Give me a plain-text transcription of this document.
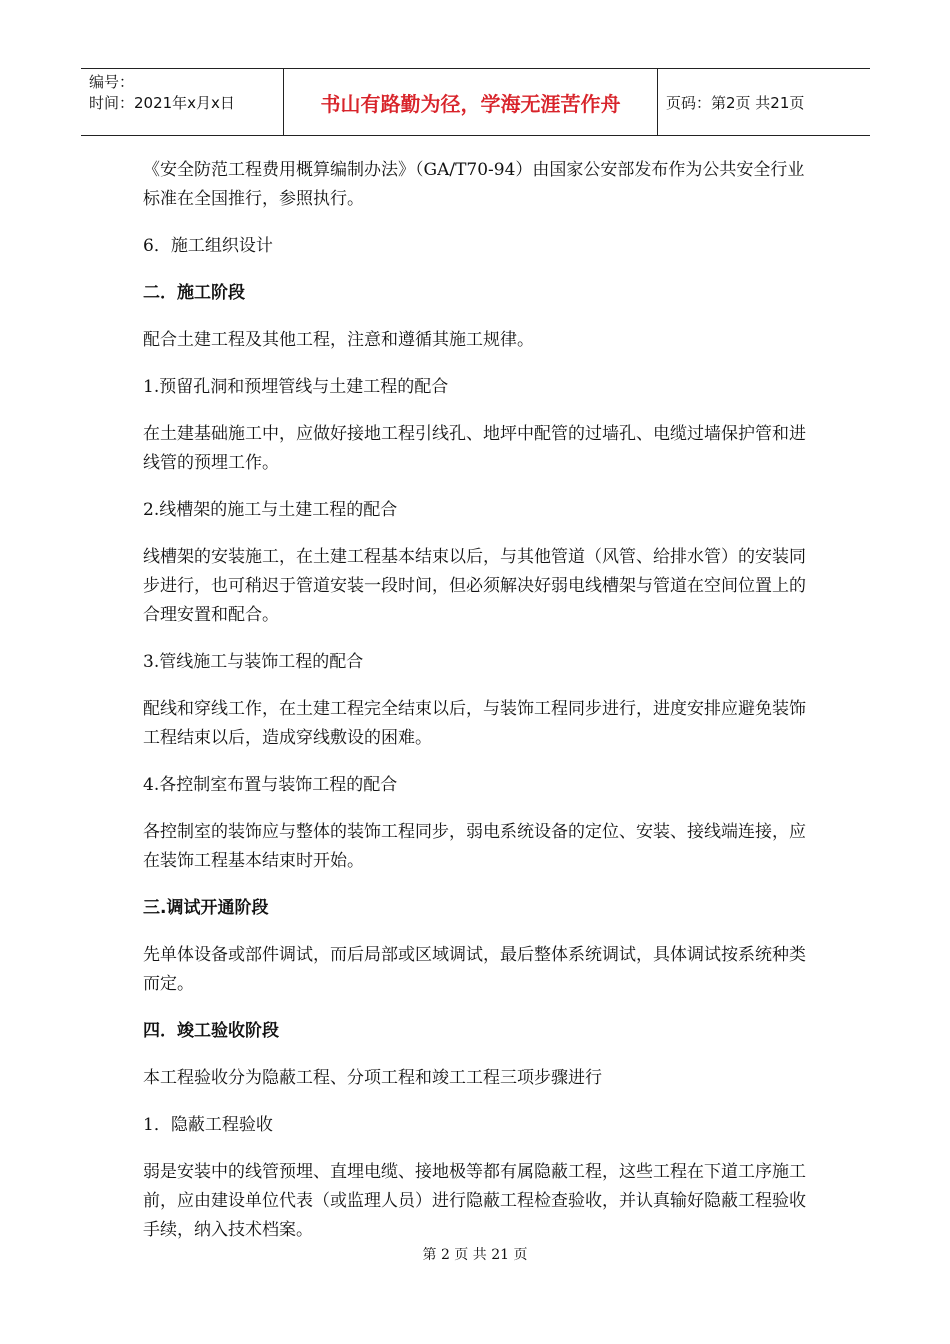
编号：
时间：2021年x月x日	书山有路勤为径，学海无涯苦作舟	页码：第2页 共21页

《安全防范工程费用概算编制办法》（GA/T70-94）由国家公安部发布作为公共安全行业标准在全国推行，参照执行。

6．施工组织设计

二．施工阶段

配合土建工程及其他工程，注意和遵循其施工规律。

1.预留孔洞和预埋管线与土建工程的配合

在土建基础施工中，应做好接地工程引线孔、地坪中配管的过墙孔、电缆过墙保护管和进线管的预埋工作。

2.线槽架的施工与土建工程的配合

线槽架的安装施工，在土建工程基本结束以后，与其他管道（风管、给排水管）的安装同步进行，也可稍迟于管道安装一段时间，但必须解决好弱电线槽架与管道在空间位置上的合理安置和配合。

3.管线施工与装饰工程的配合

配线和穿线工作，在土建工程完全结束以后，与装饰工程同步进行，进度安排应避免装饰工程结束以后，造成穿线敷设的困难。

4.各控制室布置与装饰工程的配合

各控制室的装饰应与整体的装饰工程同步，弱电系统设备的定位、安装、接线端连接，应在装饰工程基本结束时开始。

三.调试开通阶段

先单体设备或部件调试，而后局部或区域调试，最后整体系统调试，具体调试按系统种类而定。

四．竣工验收阶段

本工程验收分为隐蔽工程、分项工程和竣工工程三项步骤进行

1．隐蔽工程验收

弱是安装中的线管预埋、直埋电缆、接地极等都有属隐蔽工程，这些工程在下道工序施工前，应由建设单位代表（或监理人员）进行隐蔽工程检查验收，并认真输好隐蔽工程验收手续，纳入技术档案。

第 2 页 共 21 页
